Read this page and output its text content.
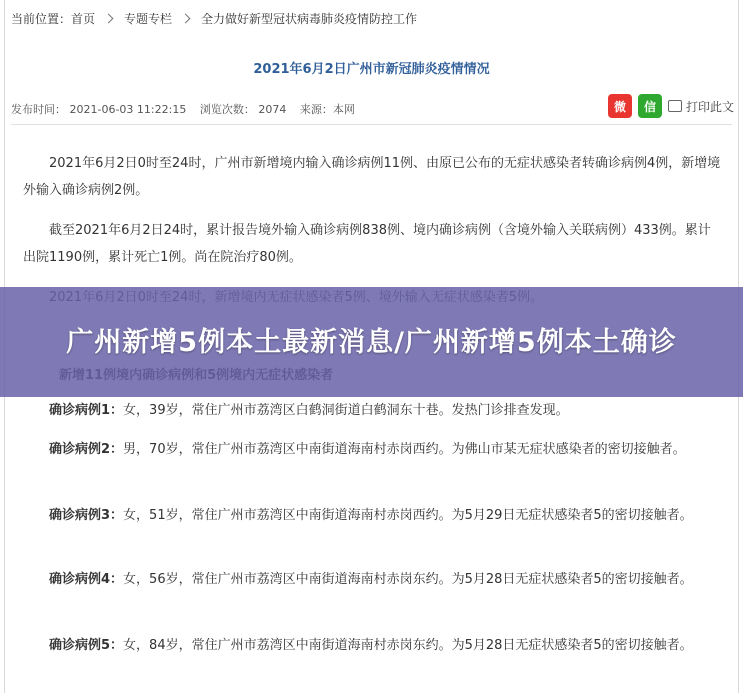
当前位置： 首页 专题专栏 全力做好新型冠状病毒肺炎疫情防控工作
2021年6月2日广州市新冠肺炎疫情情况
发布时间： 2021-06-03 11:22:15 浏览次数： 2074 来源：本网	微	信	打印此文

2021年6月2日0时至24时，广州市新增境内输入确诊病例11例、由原已公布的无症状感染者转确诊病例4例，新增境外输入确诊病例2例。

截至2021年6月2日24时，累计报告境外输入确诊病例838例、境内确诊病例（含境外输入关联病例）433例。累计出院1190例，累计死亡1例。尚在院治疗80例。

确诊病例1：女，39岁，常住广州市荔湾区白鹤洞街道白鹤洞东十巷。发热门诊排查发现。

确诊病例2：男，70岁，常住广州市荔湾区中南街道海南村赤岗西约。为佛山市某无症状感染者的密切接触者。

确诊病例3：女，51岁，常住广州市荔湾区中南街道海南村赤岗西约。为5月29日无症状感染者5的密切接触者。

确诊病例4：女，56岁，常住广州市荔湾区中南街道海南村赤岗东约。为5月28日无症状感染者5的密切接触者。

确诊病例5：女，84岁，常住广州市荔湾区中南街道海南村赤岗东约。为5月28日无症状感染者5的密切接触者。

广州新增5例本土最新消息/广州新增5例本土确诊
